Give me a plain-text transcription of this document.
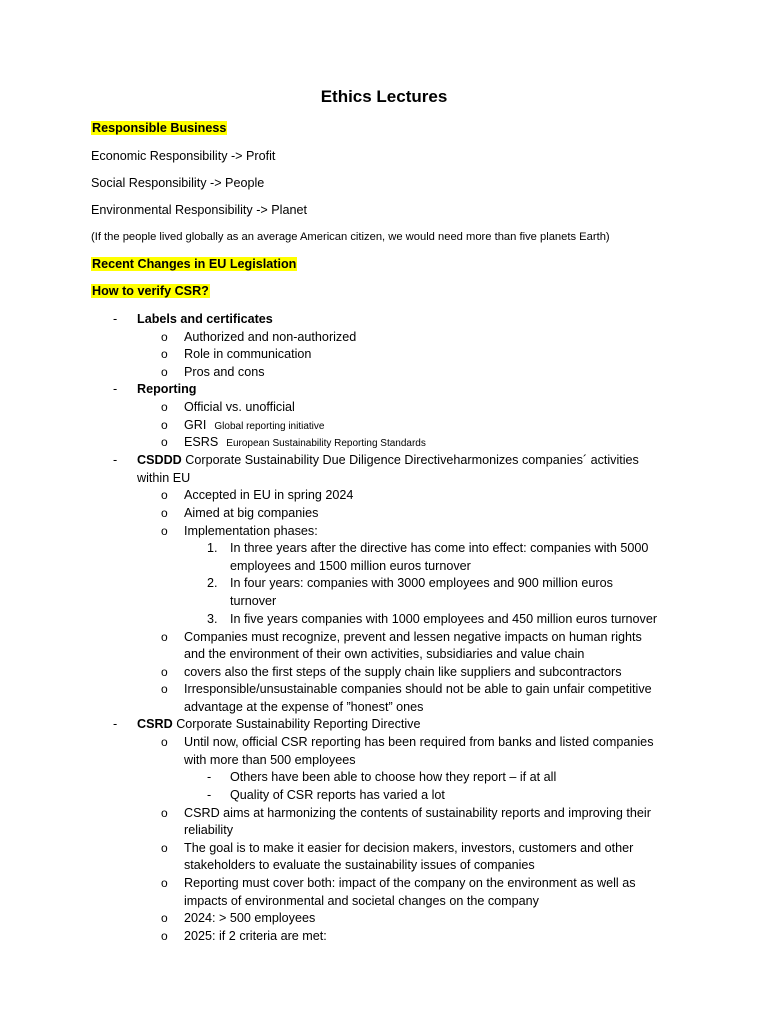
Ethics Lectures
Responsible Business
Economic Responsibility -> Profit
Social Responsibility -> People
Environmental Responsibility -> Planet
(If the people lived globally as an average American citizen, we would need more than five planets Earth)
Recent Changes in EU Legislation
How to verify CSR?
- Labels and certificates
o Authorized and non-authorized
o Role in communication
o Pros and cons
- Reporting
o Official vs. unofficial
o GRI Global reporting initiative
o ESRS European Sustainability Reporting Standards
- CSDDD Corporate Sustainability Due Diligence Directiveharmonizes companies´ activities
within EU
o Accepted in EU in spring 2024
o Aimed at big companies
o Implementation phases:
1. In three years after the directive has come into effect: companies with 5000
employees and 1500 million euros turnover
2. In four years: companies with 3000 employees and 900 million euros
turnover
3. In five years companies with 1000 employees and 450 million euros turnover
o Companies must recognize, prevent and lessen negative impacts on human rights
and the environment of their own activities, subsidiaries and value chain
o covers also the first steps of the supply chain like suppliers and subcontractors
o Irresponsible/unsustainable companies should not be able to gain unfair competitive
advantage at the expense of ”honest” ones
- CSRD Corporate Sustainability Reporting Directive
o Until now, official CSR reporting has been required from banks and listed companies
with more than 500 employees
- Others have been able to choose how they report – if at all
- Quality of CSR reports has varied a lot
o CSRD aims at harmonizing the contents of sustainability reports and improving their
reliability
o The goal is to make it easier for decision makers, investors, customers and other
stakeholders to evaluate the sustainability issues of companies
o Reporting must cover both: impact of the company on the environment as well as
impacts of environmental and societal changes on the company
o 2024: > 500 employees
o 2025: if 2 criteria are met:
